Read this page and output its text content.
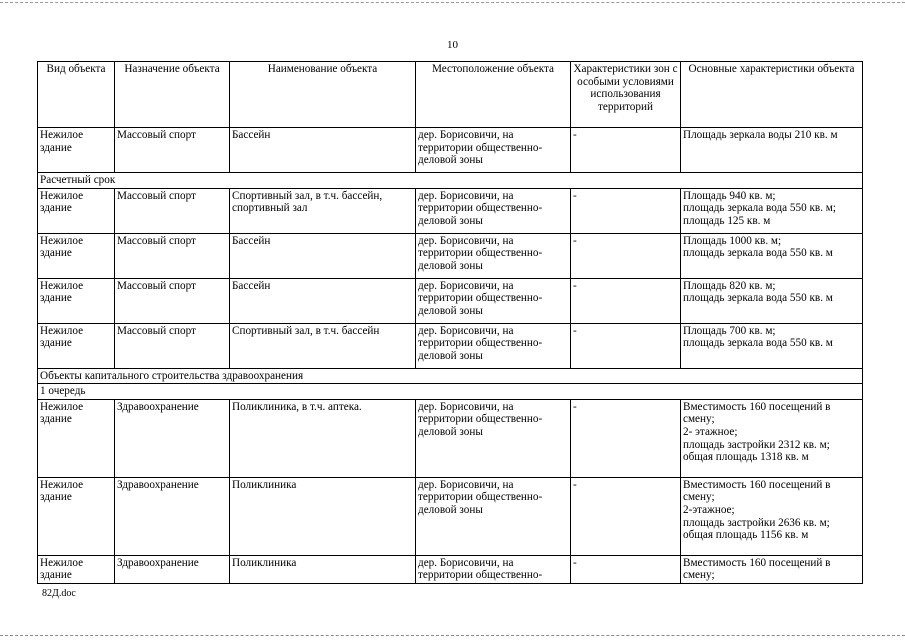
10
Вид объекта	Назначение объекта	Наименование объекта	Местоположение объекта	Характеристики зон с особыми условиями использования территорий	Основные характеристики объекта
Нежилое здание	Массовый спорт	Бассейн	дер. Борисовичи, на территории общественно-деловой зоны	-	Площадь зеркала воды 210 кв. м

Расчетный срок					
Нежилое здание	Массовый спорт	Спортивный зал, в т.ч. бассейн, спортивный зал	дер. Борисовичи, на территории общественно-деловой зоны	-	Площадь 940 кв. м;
площадь зеркала вода 550 кв. м;
площадь 125 кв. м

Нежилое здание	Массовый спорт	Бассейн	дер. Борисовичи, на территории общественно-деловой зоны	-	Площадь 1000 кв. м;
площадь зеркала вода 550 кв. м

Нежилое здание	Массовый спорт	Бассейн	дер. Борисовичи, на территории общественно-деловой зоны	-	Площадь 820 кв. м;
площадь зеркала вода 550 кв. м

Нежилое здание	Массовый спорт	Спортивный зал, в т.ч. бассейн	дер. Борисовичи, на территории общественно-деловой зоны	-	Площадь 700 кв. м;
площадь зеркала вода 550 кв. м

Объекты капитального строительства здравоохранения					
1 очередь					
Нежилое здание	Здравоохранение	Поликлиника, в т.ч. аптека.	дер. Борисовичи, на территории общественно-деловой зоны	-	Вместимость 160 посещений в
смену;
2- этажное;
площадь застройки 2312 кв. м;
общая площадь 1318 кв. м

Нежилое здание	Здравоохранение	Поликлиника	дер. Борисовичи, на территории общественно-деловой зоны	-	Вместимость 160 посещений в
смену;
2-этажное;
площадь застройки 2636 кв. м;
общая площадь 1156 кв. м

Нежилое здание	Здравоохранение	Поликлиника	дер. Борисовичи, на территории общественно-	-	Вместимость 160 посещений в
смену;
82Д.doc
